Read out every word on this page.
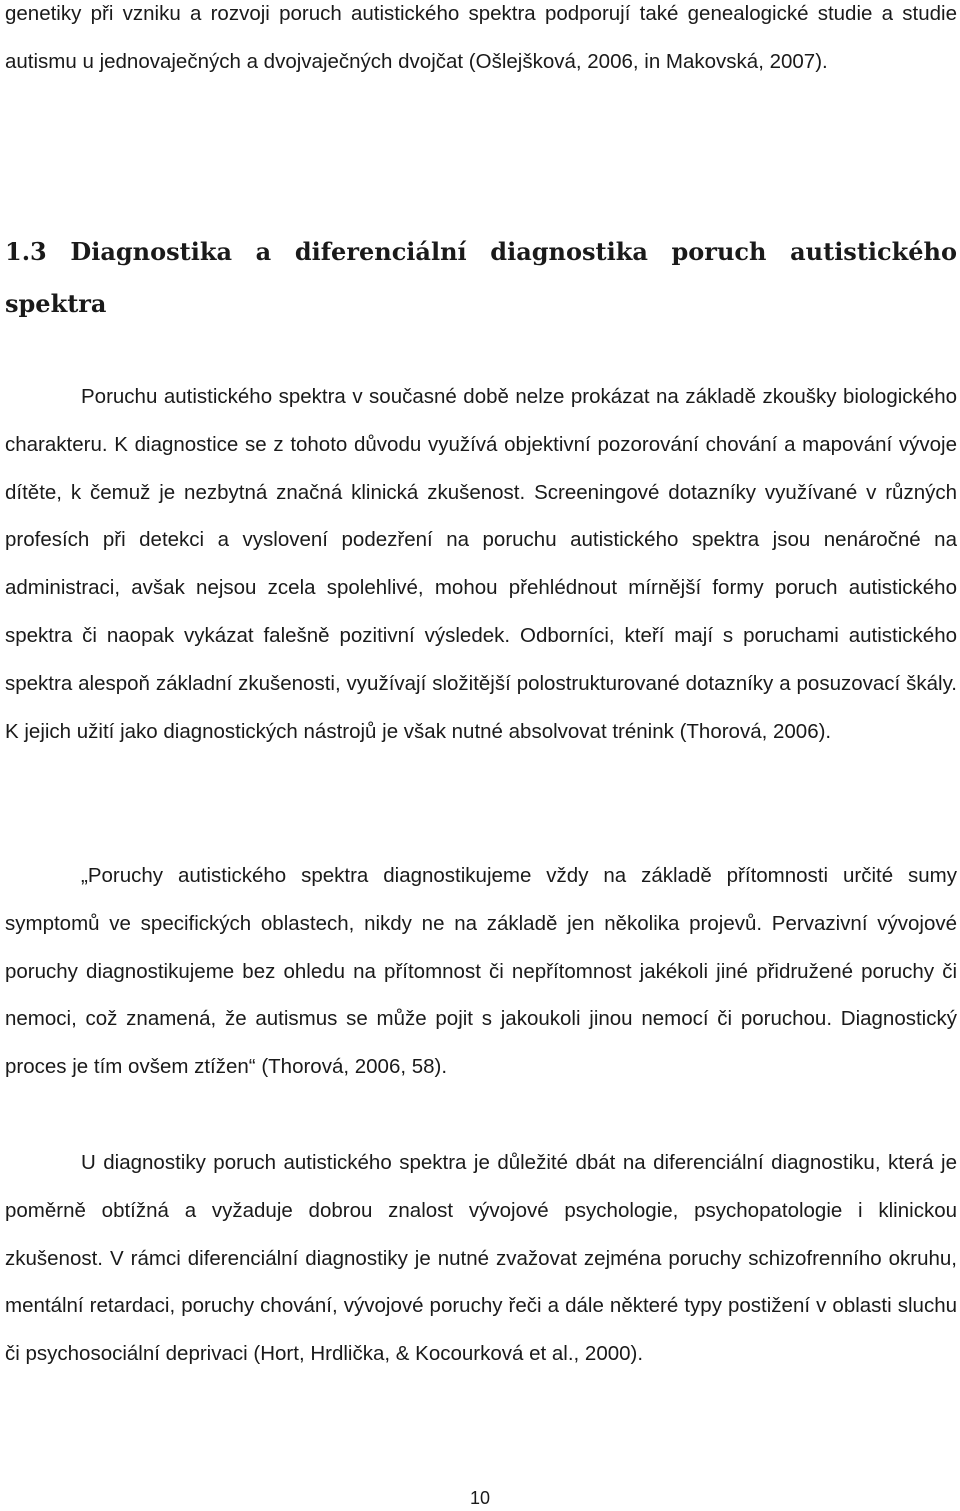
genetiky při vzniku a rozvoji poruch autistického spektra podporují také genealogické studie a studie autismu u jednovaječných a dvojvaječných dvojčat (Ošlejšková, 2006, in Makovská, 2007).

1.3 Diagnostika a diferenciální diagnostika poruch autistického spektra

Poruchu autistického spektra v současné době nelze prokázat na základě zkoušky biologického charakteru. K diagnostice se z tohoto důvodu využívá objektivní pozorování chování a mapování vývoje dítěte, k čemuž je nezbytná značná klinická zkušenost. Screeningové dotazníky využívané v různých profesích při detekci a vyslovení podezření na poruchu autistického spektra jsou nenáročné na administraci, avšak nejsou zcela spolehlivé, mohou přehlédnout mírnější formy poruch autistického spektra či naopak vykázat falešně pozitivní výsledek. Odborníci, kteří mají s poruchami autistického spektra alespoň základní zkušenosti, využívají složitější polostrukturované dotazníky a posuzovací škály. K jejich užití jako diagnostických nástrojů je však nutné absolvovat trénink (Thorová, 2006).

„Poruchy autistického spektra diagnostikujeme vždy na základě přítomnosti určité sumy symptomů ve specifických oblastech, nikdy ne na základě jen několika projevů. Pervazivní vývojové poruchy diagnostikujeme bez ohledu na přítomnost či nepřítomnost jakékoli jiné přidružené poruchy či nemoci, což znamená, že autismus se může pojit s jakoukoli jinou nemocí či poruchou. Diagnostický proces je tím ovšem ztížen“ (Thorová, 2006, 58).

U diagnostiky poruch autistického spektra je důležité dbát na diferenciální diagnostiku, která je poměrně obtížná a vyžaduje dobrou znalost vývojové psychologie, psychopatologie i klinickou zkušenost. V rámci diferenciální diagnostiky je nutné zvažovat zejména poruchy schizofrenního okruhu, mentální retardaci, poruchy chování, vývojové poruchy řeči a dále některé typy postižení v oblasti sluchu či psychosociální deprivaci (Hort, Hrdlička, & Kocourková et al., 2000).

10
